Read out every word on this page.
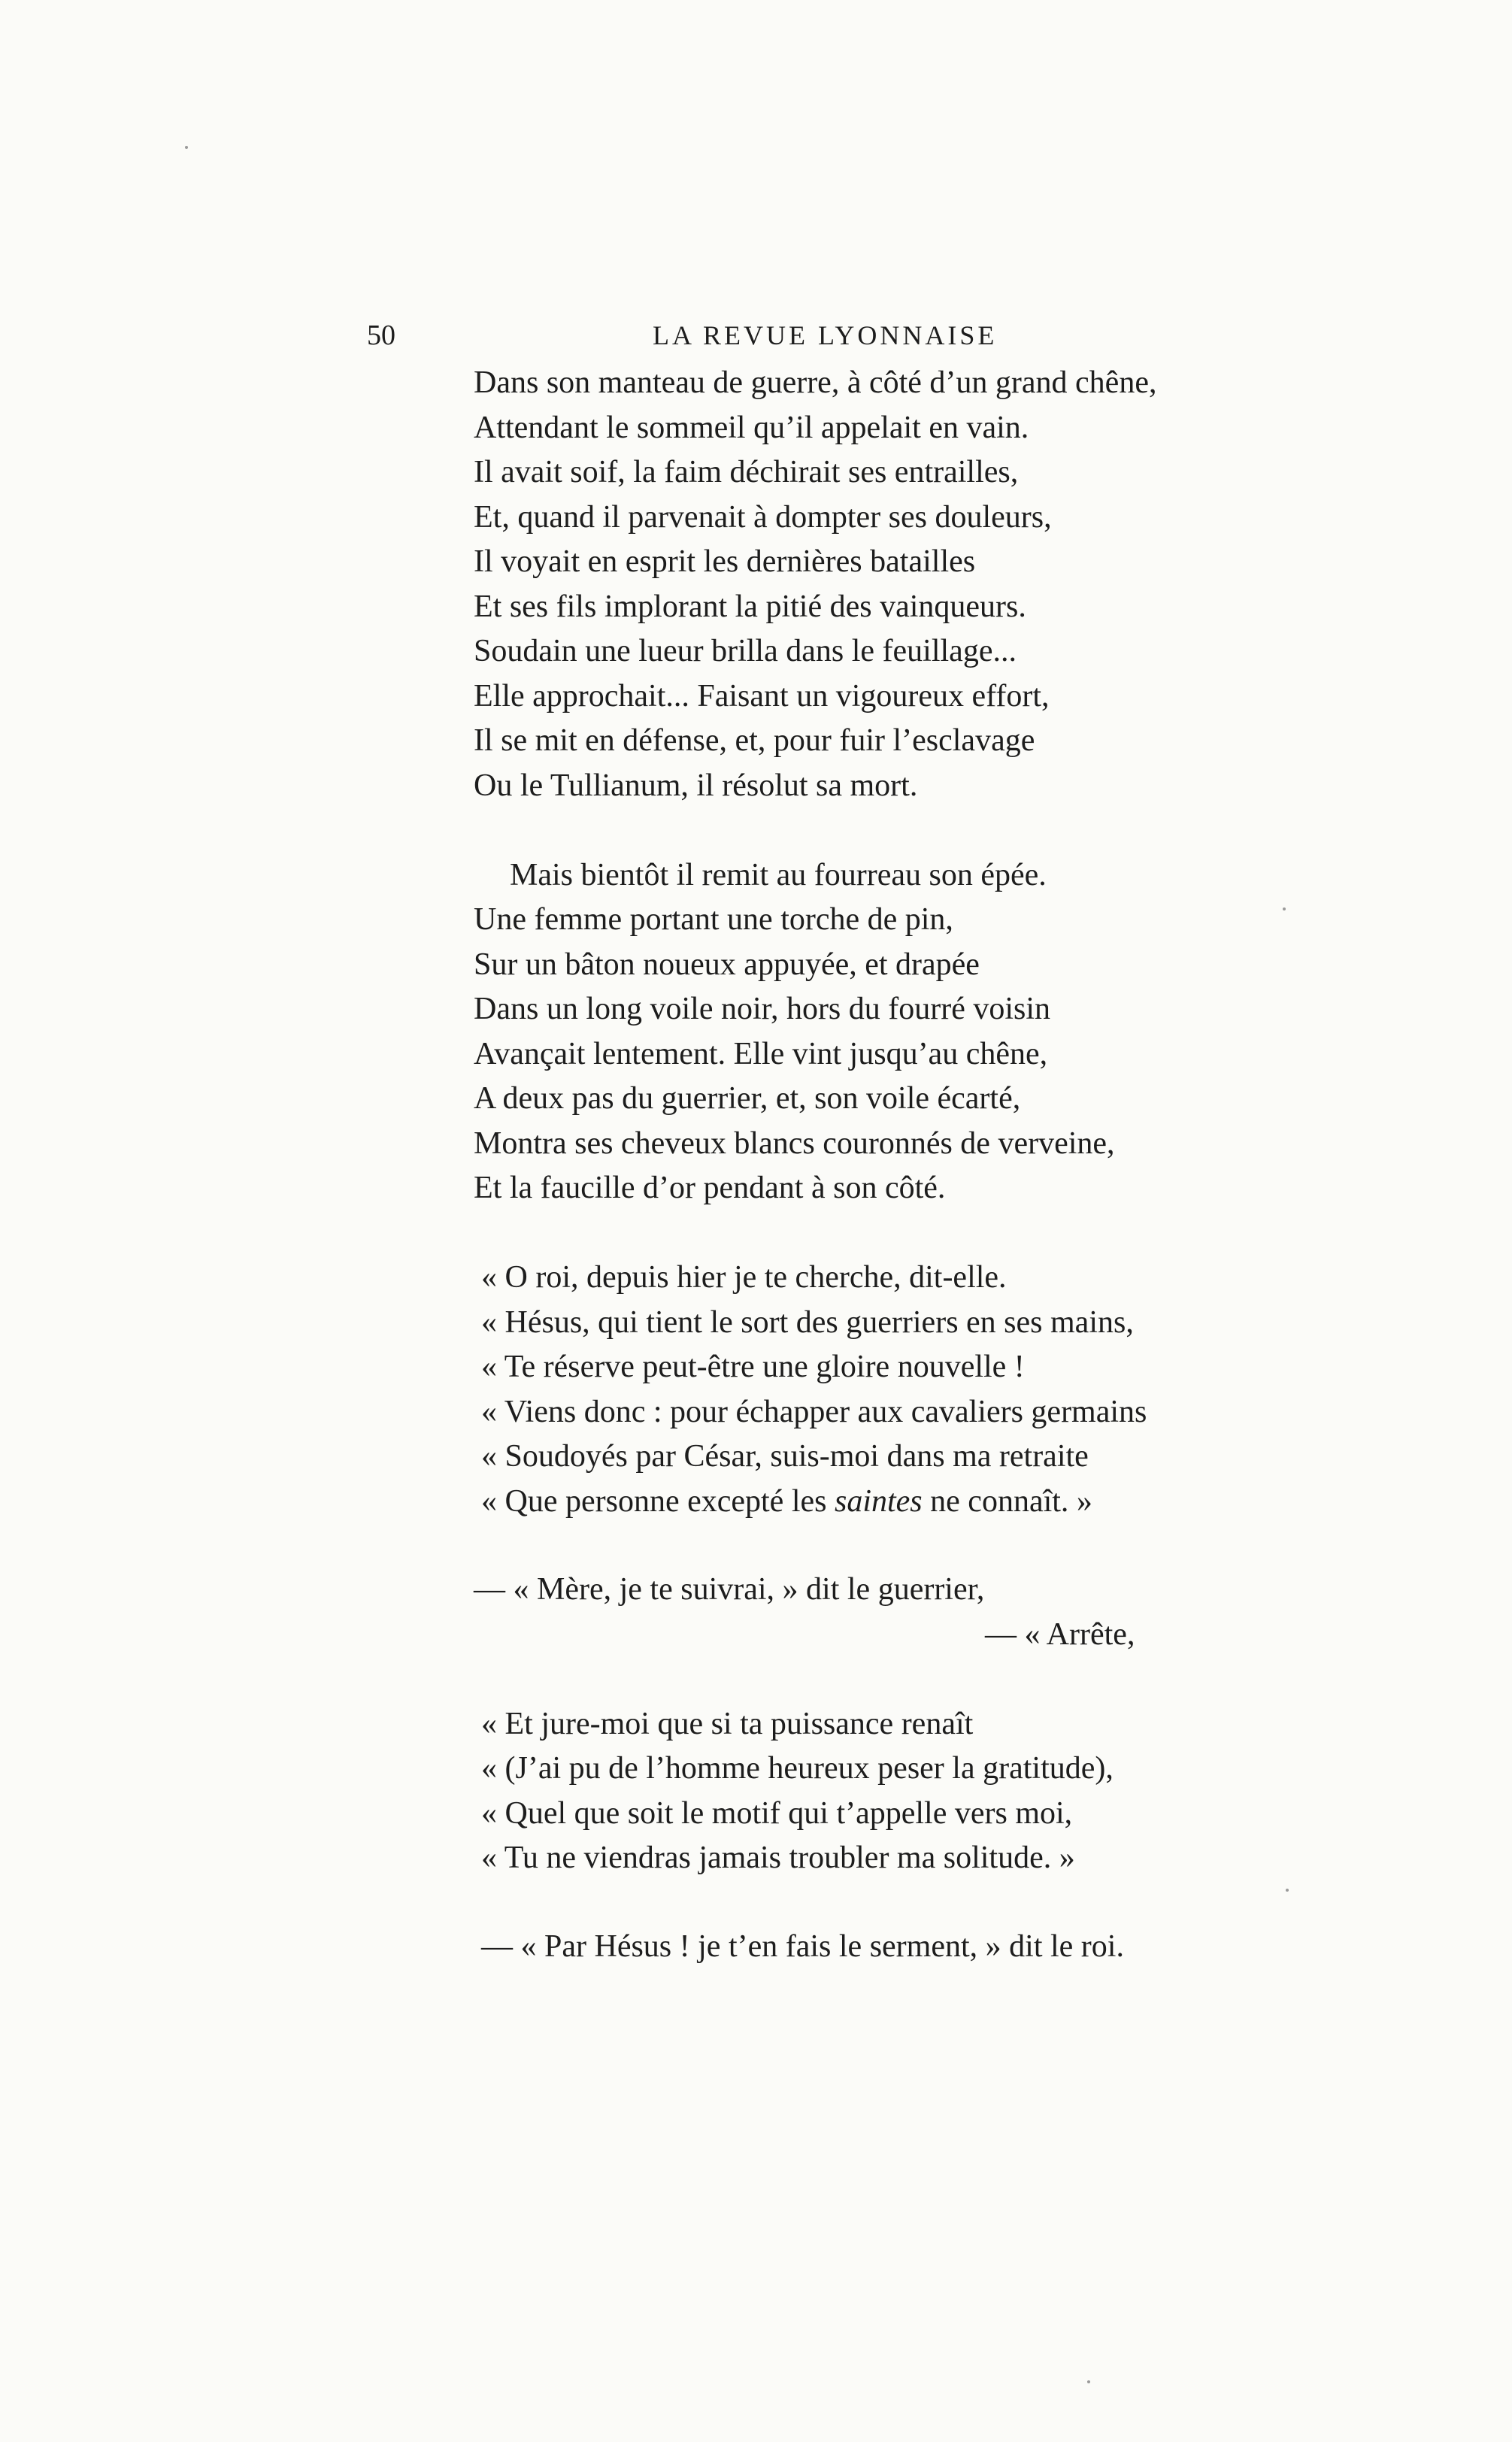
50	LA REVUE LYONNAISE
Dans son manteau de guerre, à côté d’un grand chêne,
Attendant le sommeil qu’il appelait en vain.
Il avait soif, la faim déchirait ses entrailles,
Et, quand il parvenait à dompter ses douleurs,
Il voyait en esprit les dernières batailles
Et ses fils implorant la pitié des vainqueurs.
Soudain une lueur brilla dans le feuillage...
Elle approchait... Faisant un vigoureux effort,
Il se mit en défense, et, pour fuir l’esclavage
Ou le Tullianum, il résolut sa mort.
Mais bientôt il remit au fourreau son épée.
Une femme portant une torche de pin,
Sur un bâton noueux appuyée, et drapée
Dans un long voile noir, hors du fourré voisin
Avançait lentement. Elle vint jusqu’au chêne,
A deux pas du guerrier, et, son voile écarté,
Montra ses cheveux blancs couronnés de verveine,
Et la faucille d’or pendant à son côté.
« O roi, depuis hier je te cherche, dit-elle.
« Hésus, qui tient le sort des guerriers en ses mains,
« Te réserve peut-être une gloire nouvelle !
« Viens donc : pour échapper aux cavaliers germains
« Soudoyés par César, suis-moi dans ma retraite
« Que personne excepté les saintes ne connaît. »
— « Mère, je te suivrai, » dit le guerrier,
— « Arrête,
« Et jure-moi que si ta puissance renaît
« (J’ai pu de l’homme heureux peser la gratitude),
« Quel que soit le motif qui t’appelle vers moi,
« Tu ne viendras jamais troubler ma solitude. »
— « Par Hésus ! je t’en fais le serment, » dit le roi.
